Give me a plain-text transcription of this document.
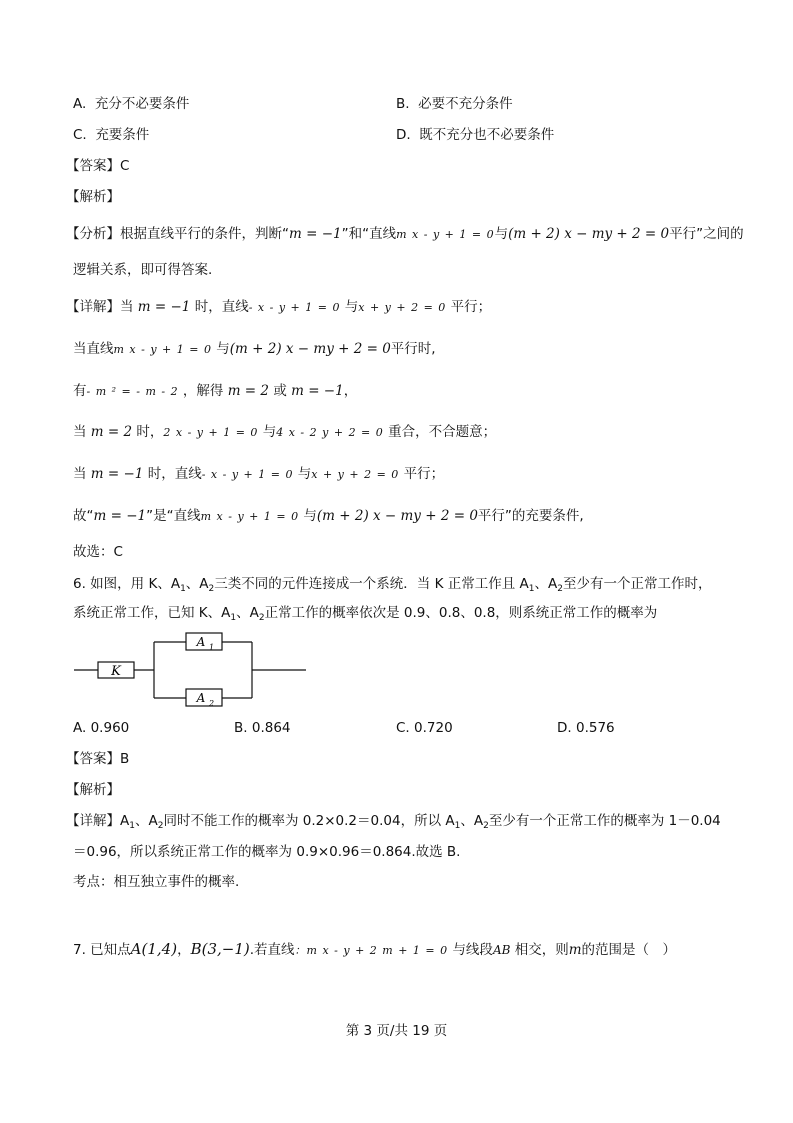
A. 充分不必要条件	B. 必要不充分条件
C. 充要条件	D. 既不充分也不必要条件
【答案】C
【解析】
【分析】根据直线平行的条件，判断“m = −1”和“直线m x - y + 1 = 0与(m + 2) x − my + 2 = 0平行”之间的
逻辑关系，即可得答案.
【详解】当 m = −1 时，直线- x - y + 1 = 0 与x + y + 2 = 0 平行；
当直线m x - y + 1 = 0 与(m + 2) x − my + 2 = 0平行时,
有- m ² = - m - 2 ，解得 m = 2 或 m = −1，
当 m = 2 时，2 x - y + 1 = 0 与4 x - 2 y + 2 = 0 重合，不合题意；
当 m = −1 时，直线- x - y + 1 = 0 与x + y + 2 = 0 平行；
故“m = −1”是“直线m x - y + 1 = 0 与(m + 2) x − my + 2 = 0平行”的充要条件,
故选：C
6. 如图，用 K、$A_1$、$A_2$三类不同的元件连接成一个系统．当 K 正常工作且 $A_1$、$A_2$至少有一个正常工作时，
系统正常工作，已知 K、$A_1$、$A_2$正常工作的概率依次是 0.9、0.8、0.8，则系统正常工作的概率为
K
A 1
A 2
A. 0.960	B. 0.864	C. 0.720	D. 0.576
【答案】B
【解析】
【详解】$A_1$、$A_2$同时不能工作的概率为 0.2×0.2＝0.04，所以 $A_1$、$A_2$至少有一个正常工作的概率为 1－0.04
＝0.96，所以系统正常工作的概率为 0.9×0.96＝0.864.故选 B.
考点：相互独立事件的概率.
7. 已知点A(1,4)，B(3,−1).若直线：m x - y + 2 m + 1 = 0 与线段AB 相交，则m的范围是（　）
第 3 页/共 19 页
